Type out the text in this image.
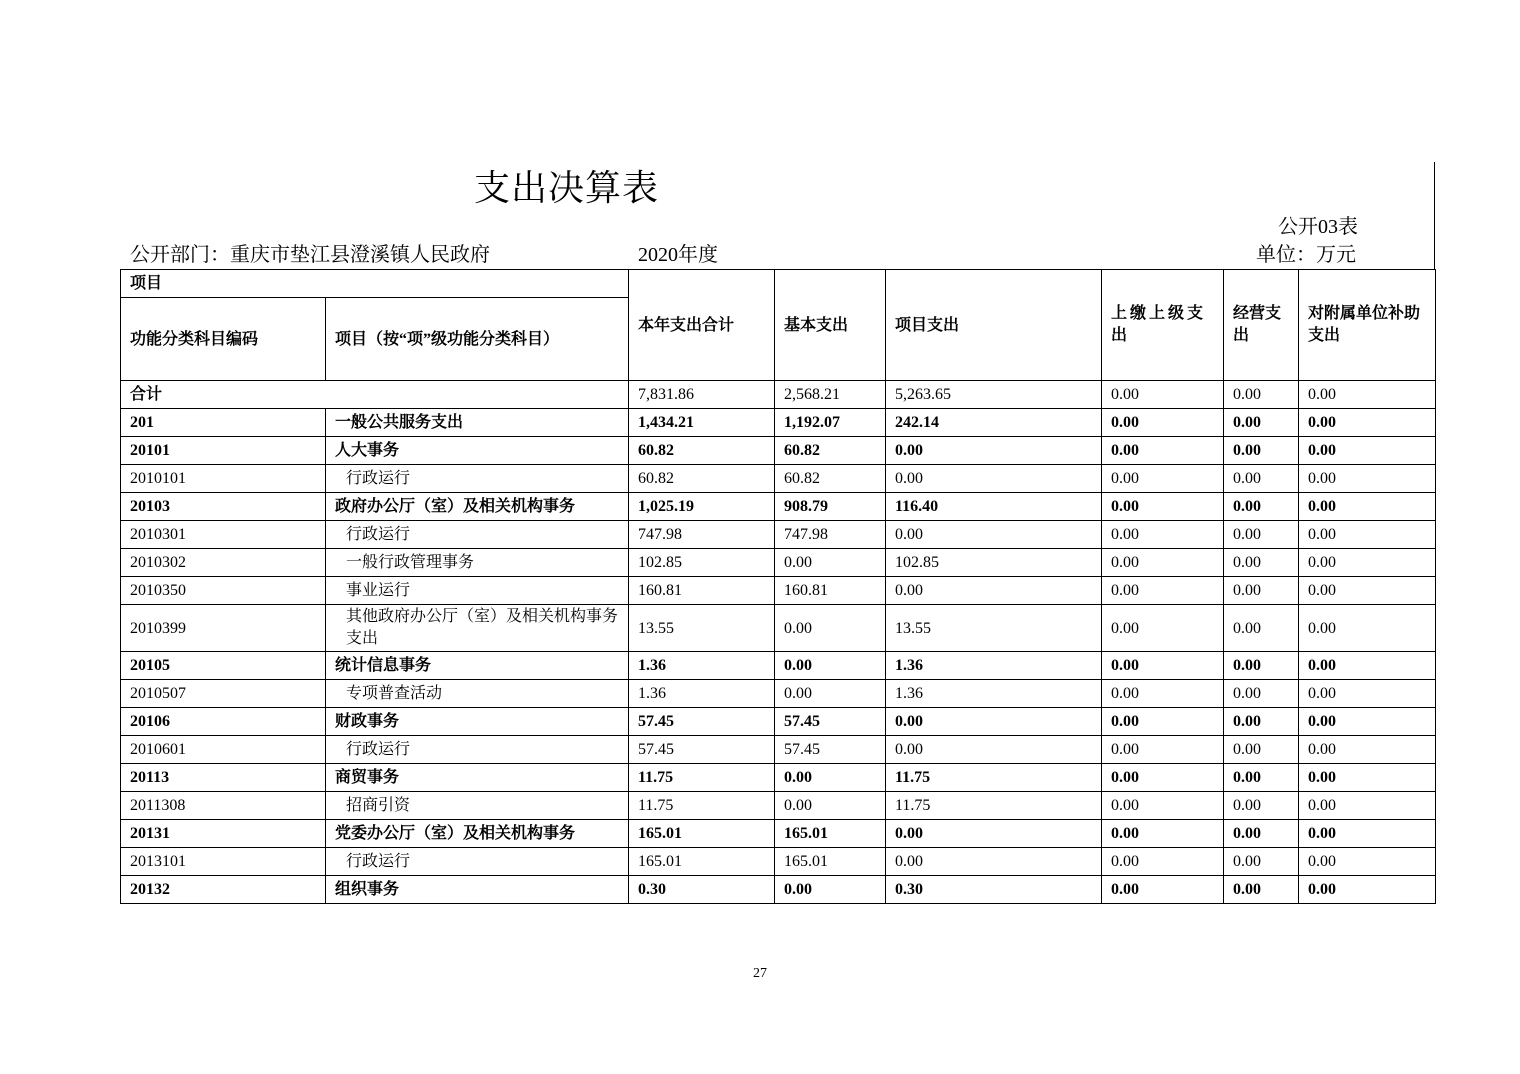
支出决算表
公开03表
公开部门：重庆市垫江县澄溪镇人民政府	2020年度	单位：万元
项目		本年支出合计	基本支出	项目支出	上缴上级支出	经营支出	对附属单位补助支出
功能分类科目编码	项目（按“项”级功能分类科目）						
合计		7,831.86	2,568.21	5,263.65	0.00	0.00	0.00
201	一般公共服务支出	1,434.21	1,192.07	242.14	0.00	0.00	0.00
20101	人大事务	60.82	60.82	0.00	0.00	0.00	0.00
2010101	行政运行	60.82	60.82	0.00	0.00	0.00	0.00
20103	政府办公厅（室）及相关机构事务	1,025.19	908.79	116.40	0.00	0.00	0.00
2010301	行政运行	747.98	747.98	0.00	0.00	0.00	0.00
2010302	一般行政管理事务	102.85	0.00	102.85	0.00	0.00	0.00
2010350	事业运行	160.81	160.81	0.00	0.00	0.00	0.00
2010399	其他政府办公厅（室）及相关机构事务支出	13.55	0.00	13.55	0.00	0.00	0.00
20105	统计信息事务	1.36	0.00	1.36	0.00	0.00	0.00
2010507	专项普查活动	1.36	0.00	1.36	0.00	0.00	0.00
20106	财政事务	57.45	57.45	0.00	0.00	0.00	0.00
2010601	行政运行	57.45	57.45	0.00	0.00	0.00	0.00
20113	商贸事务	11.75	0.00	11.75	0.00	0.00	0.00
2011308	招商引资	11.75	0.00	11.75	0.00	0.00	0.00
20131	党委办公厅（室）及相关机构事务	165.01	165.01	0.00	0.00	0.00	0.00
2013101	行政运行	165.01	165.01	0.00	0.00	0.00	0.00
20132	组织事务	0.30	0.00	0.30	0.00	0.00	0.00
27
